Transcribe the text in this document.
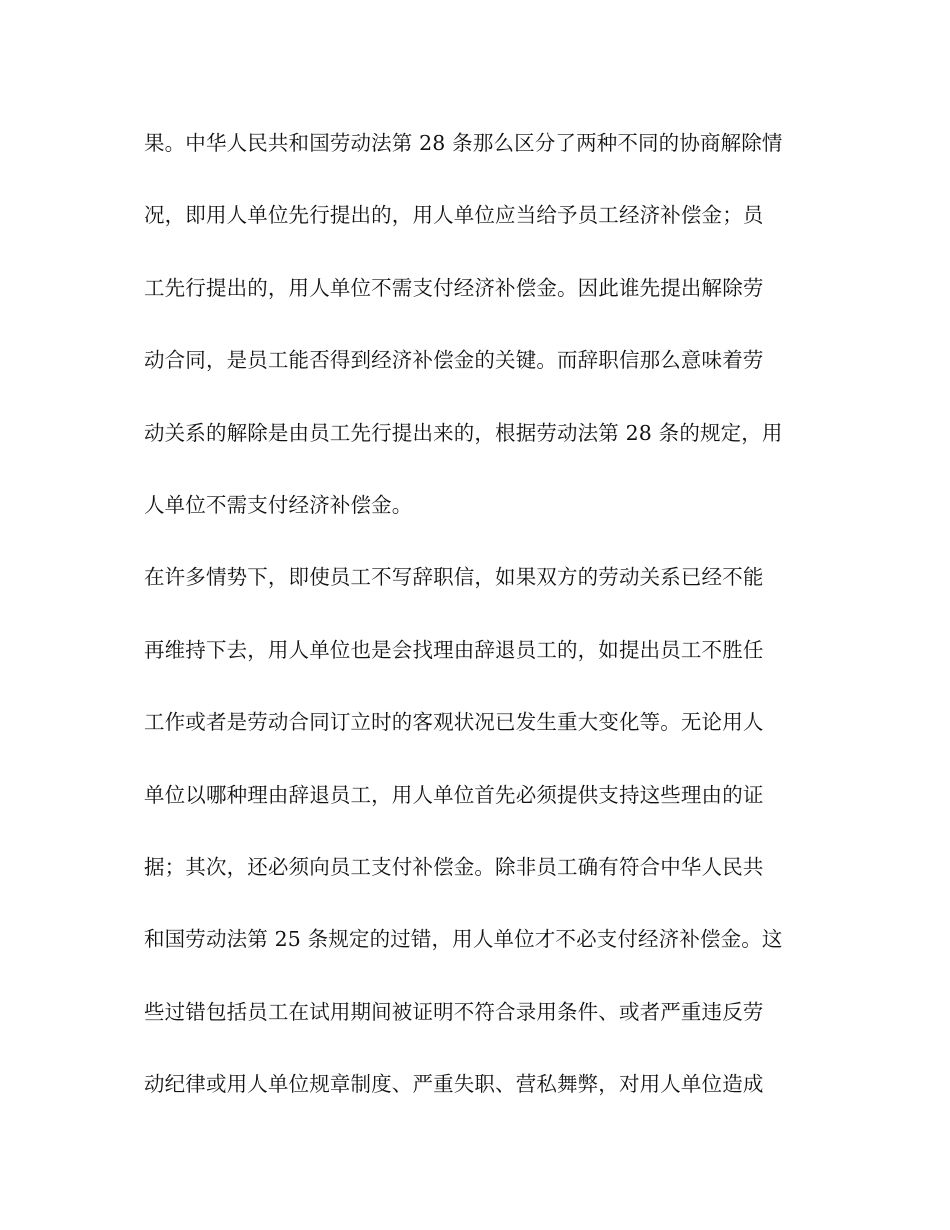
果。中华人民共和国劳动法第 28 条那么区分了两种不同的协商解除情
况，即用人单位先行提出的，用人单位应当给予员工经济补偿金；员
工先行提出的，用人单位不需支付经济补偿金。因此谁先提出解除劳
动合同，是员工能否得到经济补偿金的关键。而辞职信那么意味着劳
动关系的解除是由员工先行提出来的，根据劳动法第 28 条的规定，用
人单位不需支付经济补偿金。
在许多情势下，即使员工不写辞职信，如果双方的劳动关系已经不能
再维持下去，用人单位也是会找理由辞退员工的，如提出员工不胜任
工作或者是劳动合同订立时的客观状况已发生重大变化等。无论用人
单位以哪种理由辞退员工，用人单位首先必须提供支持这些理由的证
据；其次，还必须向员工支付补偿金。除非员工确有符合中华人民共
和国劳动法第 25 条规定的过错，用人单位才不必支付经济补偿金。这
些过错包括员工在试用期间被证明不符合录用条件、或者严重违反劳
动纪律或用人单位规章制度、严重失职、营私舞弊，对用人单位造成
